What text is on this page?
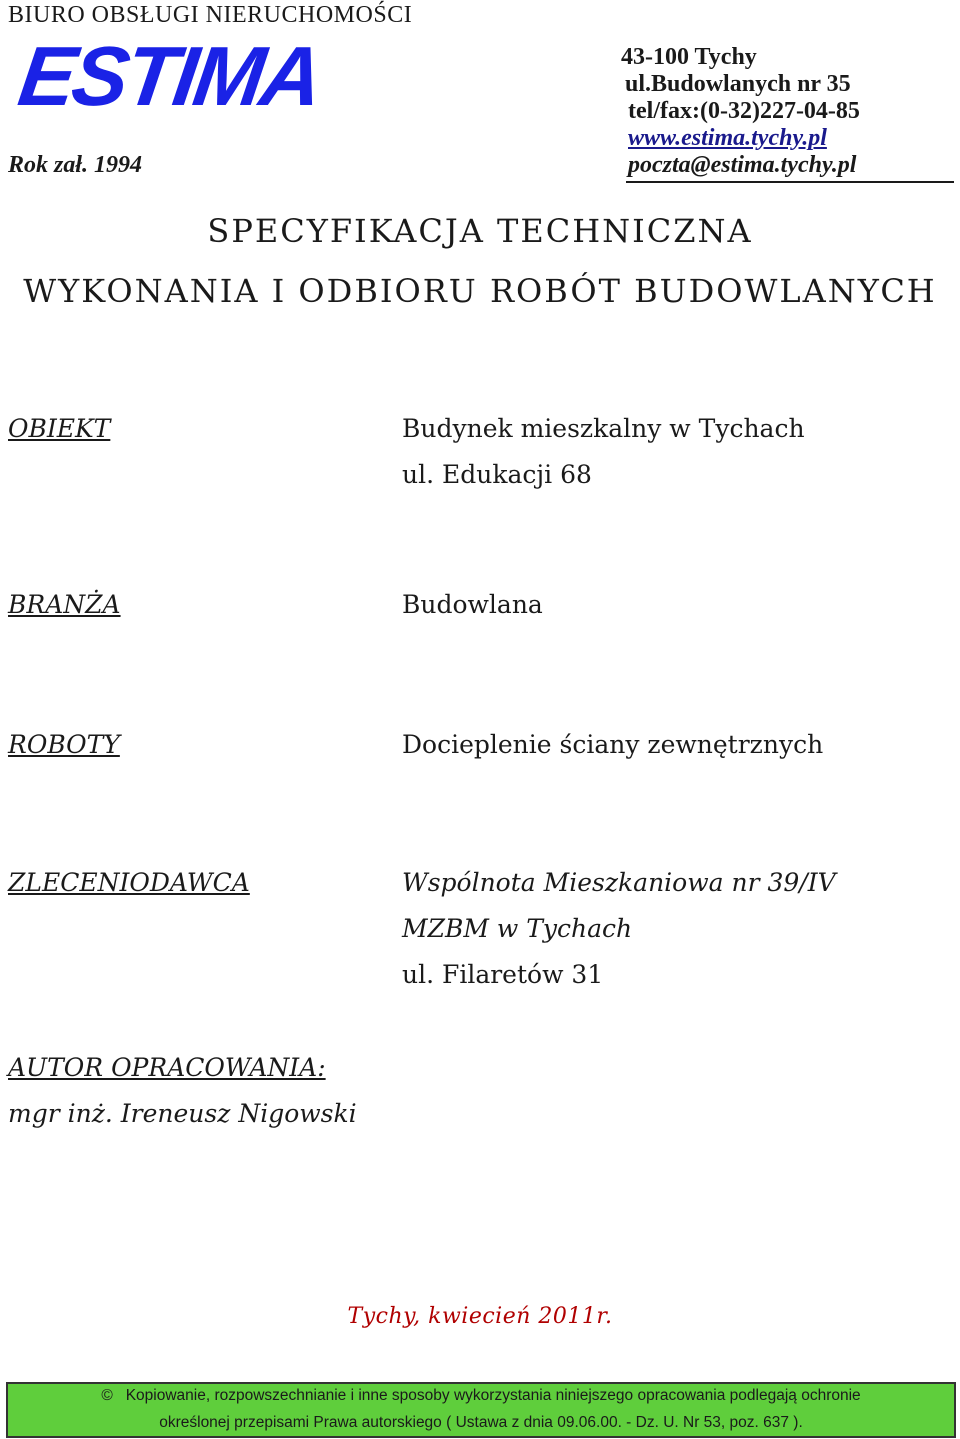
BIURO OBSŁUGI NIERUCHOMOŚCI
ESTIMA
Rok zał. 1994
43-100 Tychy
ul.Budowlanych nr 35
tel/fax:(0-32)227-04-85
www.estima.tychy.pl
poczta@estima.tychy.pl
SPECYFIKACJA TECHNICZNA
WYKONANIA I ODBIORU ROBÓT BUDOWLANYCH
OBIEKT	Budynek mieszkalny w Tychach
ul. Edukacji 68
BRANŻA	Budowlana
ROBOTY	Docieplenie ściany zewnętrznych
ZLECENIODAWCA	Wspólnota Mieszkaniowa nr 39/IV
MZBM w Tychach
ul. Filaretów 31
AUTOR OPRACOWANIA:
mgr inż. Ireneusz Nigowski
Tychy, kwiecień 2011r.
© Kopiowanie, rozpowszechnianie i inne sposoby wykorzystania niniejszego opracowania podlegają ochronie
określonej przepisami Prawa autorskiego ( Ustawa z dnia 09.06.00. - Dz. U. Nr 53, poz. 637 ).
